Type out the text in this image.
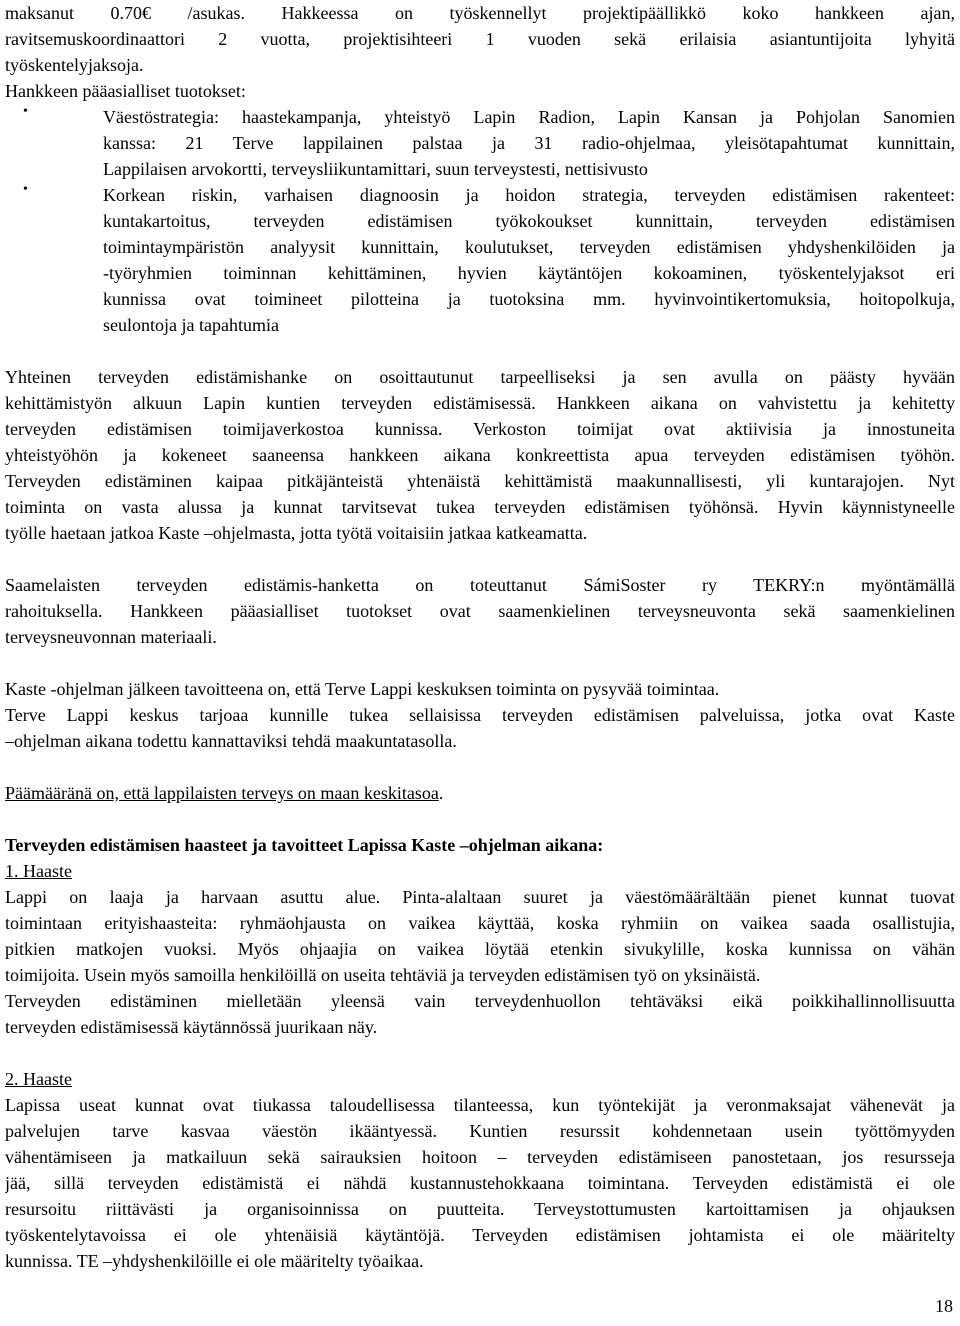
maksanut 0.70€ /asukas. Hakkeessa on työskennellyt projektipäällikkö koko hankkeen ajan,
ravitsemuskoordinaattori 2 vuotta, projektisihteeri 1 vuoden sekä erilaisia asiantuntijoita lyhyitä
työskentelyjaksoja.
Hankkeen pääasialliset tuotokset:
•	Väestöstrategia: haastekampanja, yhteistyö Lapin Radion, Lapin Kansan ja Pohjolan Sanomien
kanssa: 21 Terve lappilainen palstaa ja 31 radio-ohjelmaa, yleisötapahtumat kunnittain,
Lappilaisen arvokortti, terveysliikuntamittari, suun terveystesti, nettisivusto
•	Korkean riskin, varhaisen diagnoosin ja hoidon strategia, terveyden edistämisen rakenteet:
kuntakartoitus, terveyden edistämisen työkokoukset kunnittain, terveyden edistämisen
toimintaympäristön analyysit kunnittain, koulutukset, terveyden edistämisen yhdyshenkilöiden ja
-työryhmien toiminnan kehittäminen, hyvien käytäntöjen kokoaminen, työskentelyjaksot eri
kunnissa ovat toimineet pilotteina ja tuotoksina mm. hyvinvointikertomuksia, hoitopolkuja,
seulontoja ja tapahtumia
Yhteinen terveyden edistämishanke on osoittautunut tarpeelliseksi ja sen avulla on päästy hyvään
kehittämistyön alkuun Lapin kuntien terveyden edistämisessä. Hankkeen aikana on vahvistettu ja kehitetty
terveyden edistämisen toimijaverkostoa kunnissa. Verkoston toimijat ovat aktiivisia ja innostuneita
yhteistyöhön ja kokeneet saaneensa hankkeen aikana konkreettista apua terveyden edistämisen työhön.
Terveyden edistäminen kaipaa pitkäjänteistä yhtenäistä kehittämistä maakunnallisesti, yli kuntarajojen. Nyt
toiminta on vasta alussa ja kunnat tarvitsevat tukea terveyden edistämisen työhönsä. Hyvin käynnistyneelle
työlle haetaan jatkoa Kaste –ohjelmasta, jotta työtä voitaisiin jatkaa katkeamatta.
Saamelaisten terveyden edistämis-hanketta on toteuttanut SámiSoster ry TEKRY:n myöntämällä
rahoituksella. Hankkeen pääasialliset tuotokset ovat saamenkielinen terveysneuvonta sekä saamenkielinen
terveysneuvonnan materiaali.
Kaste -ohjelman jälkeen tavoitteena on, että Terve Lappi keskuksen toiminta on pysyvää toimintaa.
Terve Lappi keskus tarjoaa kunnille tukea sellaisissa terveyden edistämisen palveluissa, jotka ovat Kaste
–ohjelman aikana todettu kannattaviksi tehdä maakuntatasolla.
Päämääränä on, että lappilaisten terveys on maan keskitasoa.
Terveyden edistämisen haasteet ja tavoitteet Lapissa Kaste –ohjelman aikana:
1. Haaste
Lappi on laaja ja harvaan asuttu alue. Pinta-alaltaan suuret ja väestömäärältään pienet kunnat tuovat
toimintaan erityishaasteita: ryhmäohjausta on vaikea käyttää, koska ryhmiin on vaikea saada osallistujia,
pitkien matkojen vuoksi. Myös ohjaajia on vaikea löytää etenkin sivukylille, koska kunnissa on vähän
toimijoita. Usein myös samoilla henkilöillä on useita tehtäviä ja terveyden edistämisen työ on yksinäistä.
Terveyden edistäminen mielletään yleensä vain terveydenhuollon tehtäväksi eikä poikkihallinnollisuutta
terveyden edistämisessä käytännössä juurikaan näy.
2. Haaste
Lapissa useat kunnat ovat tiukassa taloudellisessa tilanteessa, kun työntekijät ja veronmaksajat vähenevät ja
palvelujen tarve kasvaa väestön ikääntyessä. Kuntien resurssit kohdennetaan usein työttömyyden
vähentämiseen ja matkailuun sekä sairauksien hoitoon – terveyden edistämiseen panostetaan, jos resursseja
jää, sillä terveyden edistämistä ei nähdä kustannustehokkaana toimintana. Terveyden edistämistä ei ole
resursoitu riittävästi ja organisoinnissa on puutteita. Terveystottumusten kartoittamisen ja ohjauksen
työskentelytavoissa ei ole yhtenäisiä käytäntöjä. Terveyden edistämisen johtamista ei ole määritelty
kunnissa. TE –yhdyshenkilöille ei ole määritelty työaikaa.
18
